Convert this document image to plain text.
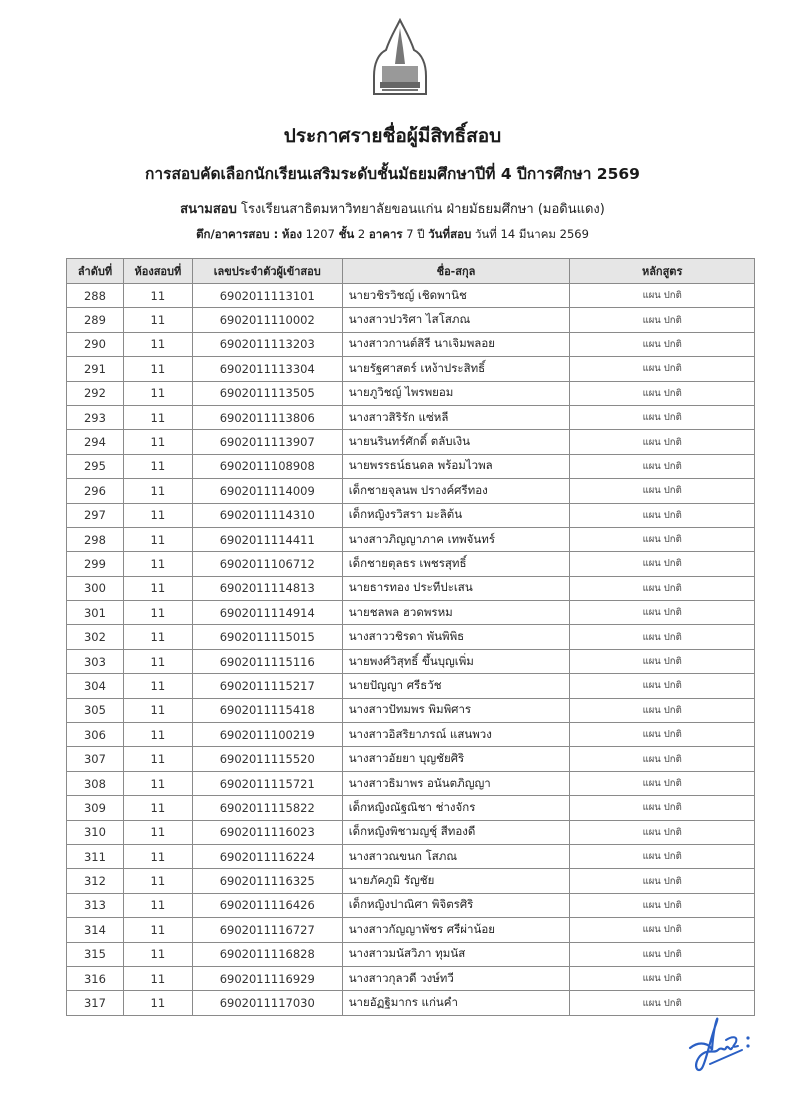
ประกาศรายชื่อผู้มีสิทธิ์สอบ
การสอบคัดเลือกนักเรียนเสริมระดับชั้นมัธยมศึกษาปีที่ 4 ปีการศึกษา 2569
สนามสอบ โรงเรียนสาธิตมหาวิทยาลัยขอนแก่น ฝ่ายมัธยมศึกษา (มอดินแดง)
ตึก/อาคารสอบ : ห้อง 1207 ชั้น 2 อาคาร 7 ปี วันที่สอบ วันที่ 14 มีนาคม 2569
ลำดับที่	ห้องสอบที่	เลขประจำตัวผู้เข้าสอบ	ชื่อ-สกุล	หลักสูตร
288	11	6902011113101	นายวชิรวิชญ์ เชิดพานิช	แผน ปกติ
289	11	6902011110002	นางสาวปวริศา ไสโสภณ	แผน ปกติ
290	11	6902011113203	นางสาวกานต์สิรี นาเจิมพลอย	แผน ปกติ
291	11	6902011113304	นายรัฐศาสตร์ เหง้าประสิทธิ์	แผน ปกติ
292	11	6902011113505	นายภูวิชญ์ ไพรพยอม	แผน ปกติ
293	11	6902011113806	นางสาวสิริรัก แซ่หลี	แผน ปกติ
294	11	6902011113907	นายนรินทร์ศักดิ์ ตลับเงิน	แผน ปกติ
295	11	6902011108908	นายพรรธน์ธนดล พร้อมไวพล	แผน ปกติ
296	11	6902011114009	เด็กชายจุลนพ ปรางค์ศรีทอง	แผน ปกติ
297	11	6902011114310	เด็กหญิงรวิสรา มะลิต้น	แผน ปกติ
298	11	6902011114411	นางสาวภิญญาภาค เทพจันทร์	แผน ปกติ
299	11	6902011106712	เด็กชายตุลธร เพชรสุทธิ์	แผน ปกติ
300	11	6902011114813	นายธารทอง ประทีปะเสน	แผน ปกติ
301	11	6902011114914	นายชลพล ฮวดพรหม	แผน ปกติ
302	11	6902011115015	นางสาววชิรดา พันพิพิธ	แผน ปกติ
303	11	6902011115116	นายพงศ์วิสุทธิ์ ขึ้นบุญเพิ่ม	แผน ปกติ
304	11	6902011115217	นายปัญญา ศรีธวัช	แผน ปกติ
305	11	6902011115418	นางสาวปัทมพร พิมพิศาร	แผน ปกติ
306	11	6902011100219	นางสาวอิสริยาภรณ์ แสนพวง	แผน ปกติ
307	11	6902011115520	นางสาวอัยยา บุญชัยศิริ	แผน ปกติ
308	11	6902011115721	นางสาวธิมาพร อนันตภิญญา	แผน ปกติ
309	11	6902011115822	เด็กหญิงณัฐณิชา ช่างจักร	แผน ปกติ
310	11	6902011116023	เด็กหญิงพิชามญชุ์ สีทองดี	แผน ปกติ
311	11	6902011116224	นางสาวณขนก โสภณ	แผน ปกติ
312	11	6902011116325	นายภัคภูมิ รัญชัย	แผน ปกติ
313	11	6902011116426	เด็กหญิงปาณิศา พิจิตรศิริ	แผน ปกติ
314	11	6902011116727	นางสาวกัญญาพัชร ศรีผ่าน้อย	แผน ปกติ
315	11	6902011116828	นางสาวมนัสวิภา ทุมนัส	แผน ปกติ
316	11	6902011116929	นางสาวกุลวดี วงษ์ทวี	แผน ปกติ
317	11	6902011117030	นายอัฏฐิมากร แก่นคำ	แผน ปกติ
